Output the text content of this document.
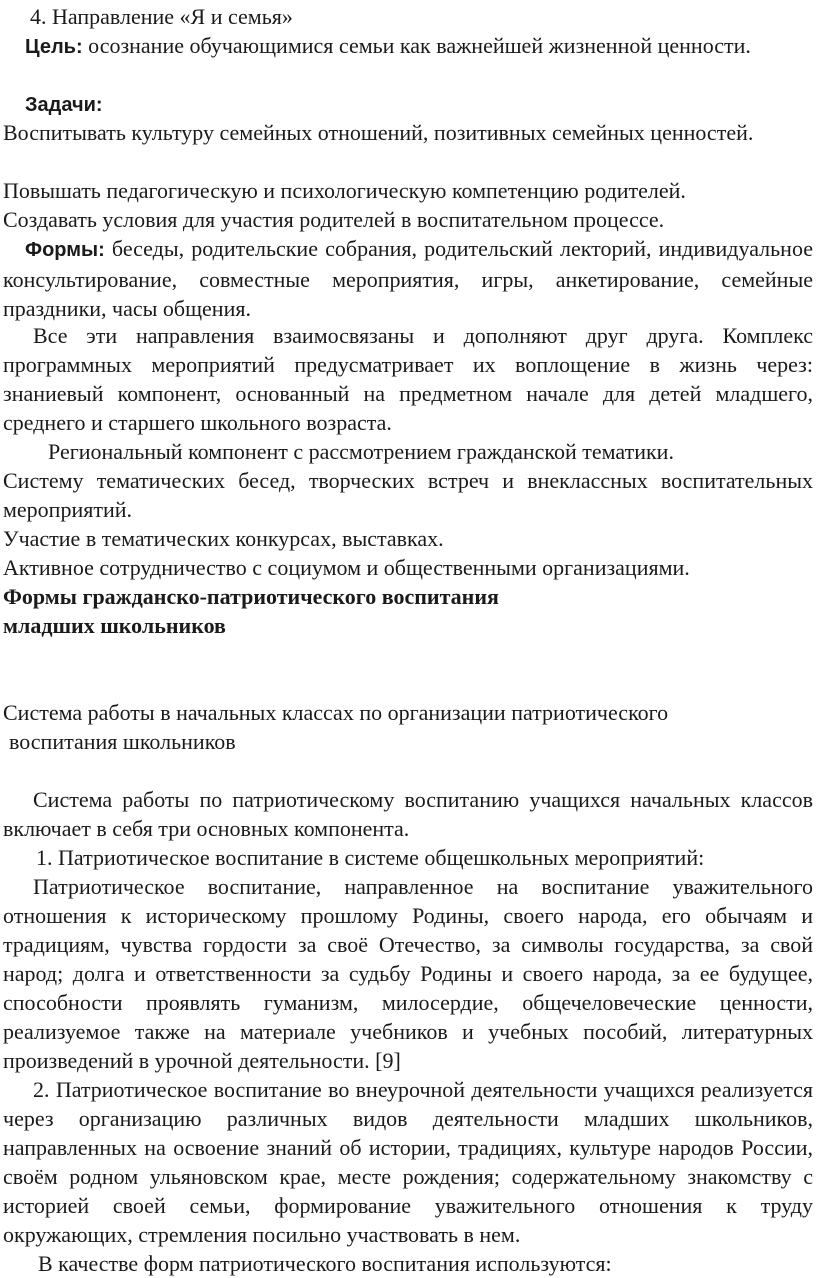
4. Направление «Я и семья»

Цель: осознание обучающимися семьи как важнейшей жизненной ценности.

Задачи:

Воспитывать культуру семейных отношений, позитивных семейных ценностей.

Повышать педагогическую и психологическую компетенцию родителей.

Создавать условия для участия родителей в воспитательном процессе.

Формы: беседы, родительские собрания, родительский лекторий, индивидуальное консультирование, совместные мероприятия, игры, анкетирование, семейные праздники, часы общения.

Все эти направления взаимосвязаны и дополняют друг друга. Комплекс программных мероприятий предусматривает их воплощение в жизнь через: знаниевый компонент, основанный на предметном начале для детей младшего, среднего и старшего школьного возраста.

Региональный компонент с рассмотрением гражданской тематики.

Систему тематических бесед, творческих встреч и внеклассных воспитательных мероприятий.

Участие в тематических конкурсах, выставках.

Активное сотрудничество с социумом и общественными организациями.

Формы гражданско-патриотического воспитания

младших школьников

Система работы в начальных классах по организации патриотического

воспитания школьников

Система работы по патриотическому воспитанию учащихся начальных классов включает в себя три основных компонента.

1. Патриотическое воспитание в системе общешкольных мероприятий:

Патриотическое воспитание, направленное на воспитание уважительного отношения к историческому прошлому Родины, своего народа, его обычаям и традициям, чувства гордости за своё Отечество, за символы государства, за свой народ; долга и ответственности за судьбу Родины и своего народа, за ее будущее, способности проявлять гуманизм, милосердие, общечеловеческие ценности, реализуемое также на материале учебников и учебных пособий, литературных произведений в урочной деятельности. [9]

2. Патриотическое воспитание во внеурочной деятельности учащихся реализуется через организацию различных видов деятельности младших школьников, направленных на освоение знаний об истории, традициях, культуре народов России, своём родном ульяновском крае, месте рождения; содержательному знакомству с историей своей семьи, формирование уважительного отношения к труду окружающих, стремления посильно участвовать в нем.

В качестве форм патриотического воспитания используются:
